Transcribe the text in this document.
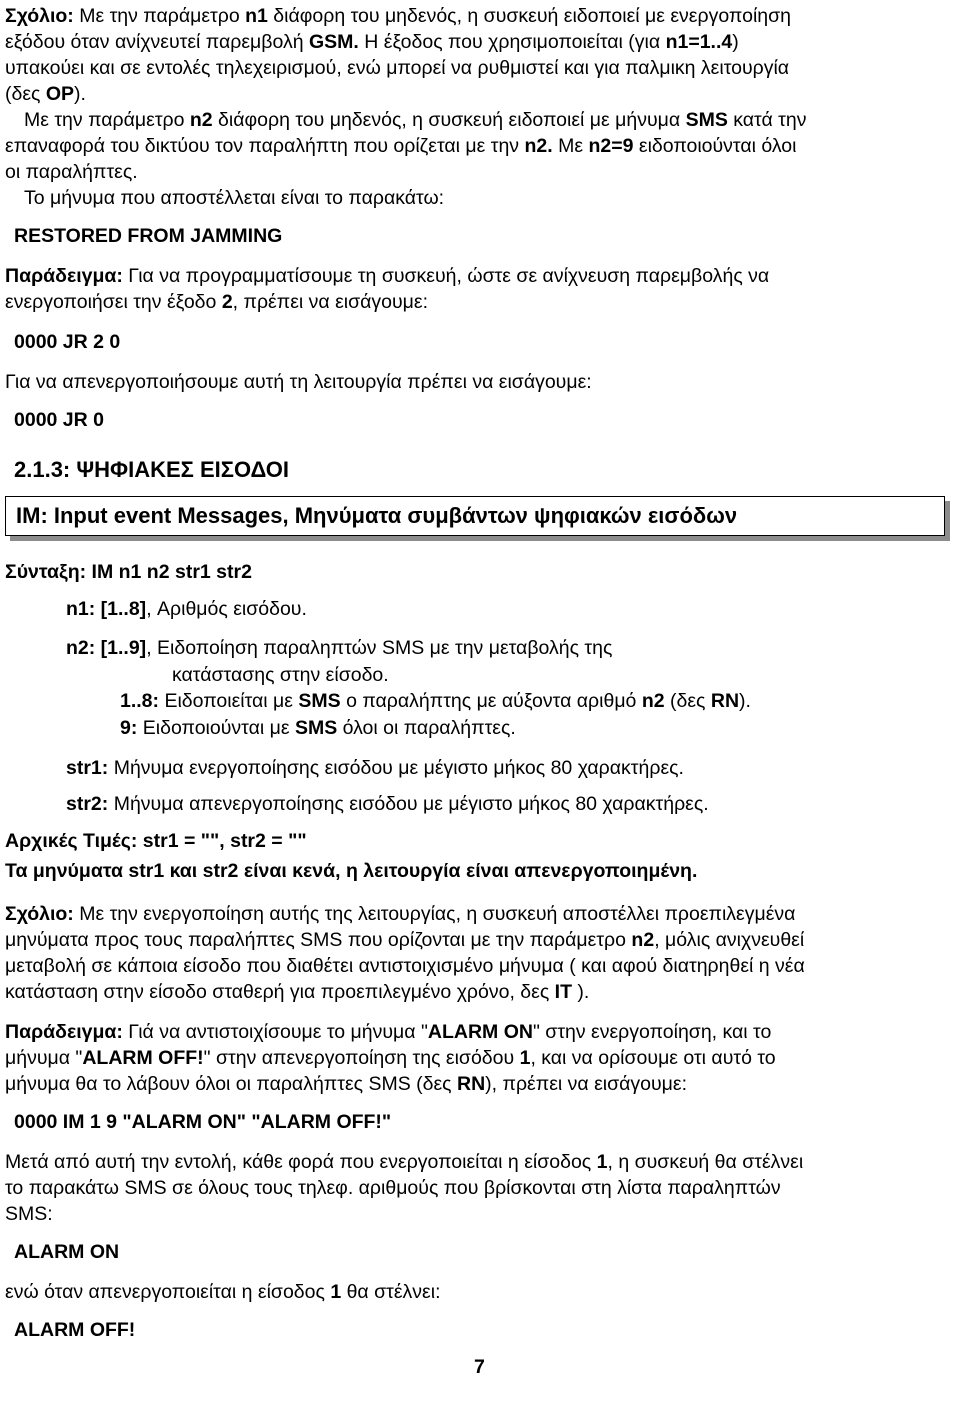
Σχόλιο: Με την παράμετρο n1 διάφορη του μηδενός, η συσκευή ειδοποιεί με ενεργοποίηση
εξόδου όταν ανίχνευτεί παρεμβολή GSM. Η έξοδος που χρησιμοποιείται (για n1=1..4)
υπακούει και σε εντολές τηλεχειρισμού, ενώ μπορεί να ρυθμιστεί και για παλμικη λειτουργία
(δες OP).
Με την παράμετρο n2 διάφορη του μηδενός, η συσκευή ειδοποιεί με μήνυμα SMS κατά την
επαναφορά του δικτύου τον παραλήπτη που ορίζεται με την n2. Με n2=9 ειδοποιούνται όλοι
οι παραλήπτες.
Το μήνυμα που αποστέλλεται είναι το παρακάτω:
RESTORED FROM JAMMING
Παράδειγμα: Για να προγραμματίσουμε τη συσκευή, ώστε σε ανίχνευση παρεμβολής να
ενεργοποιήσει την έξοδο 2, πρέπει να εισάγουμε:
0000 JR 2 0
Για να απενεργοποιήσουμε αυτή τη λειτουργία πρέπει να εισάγουμε:
0000 JR 0
2.1.3: ΨΗΦΙΑΚΕΣ ΕΙΣΟΔΟΙ
IM: Input event Messages, Μηνύματα συμβάντων ψηφιακών εισόδων
Σύνταξη: IM n1 n2 str1 str2
n1: [1..8], Αριθμός εισόδου.
n2: [1..9], Ειδοποίηση παραληπτών SMS με την μεταβολής της
κατάστασης στην είσοδο.
1..8: Ειδοποιείται με SMS ο παραλήπτης με αύξοντα αριθμό n2 (δες RN).
9: Ειδοποιούνται με SMS όλοι οι παραλήπτες.
str1: Μήνυμα ενεργοποίησης εισόδου με μέγιστο μήκος 80 χαρακτήρες.
str2: Μήνυμα απενεργοποίησης εισόδου με μέγιστο μήκος 80 χαρακτήρες.
Αρχικές Τιμές: str1 = "", str2 = ""
Τα μηνύματα str1 και str2 είναι κενά, η λειτουργία είναι απενεργοποιημένη.
Σχόλιο: Με την ενεργοποίηση αυτής της λειτουργίας, η συσκευή αποστέλλει προεπιλεγμένα
μηνύματα προς τους παραλήπτες SMS που ορίζονται με την παράμετρο n2, μόλις ανιχνευθεί
μεταβολή σε κάποια είσοδο που διαθέτει αντιστοιχισμένο μήνυμα ( και αφού διατηρηθεί η νέα
κατάσταση στην είσοδο σταθερή για προεπιλεγμένο χρόνο, δες IT ).
Παράδειγμα: Γιά να αντιστοιχίσουμε το μήνυμα "ALARM ON" στην ενεργοποίηση, και το
μήνυμα "ALARM OFF!" στην απενεργοποίηση της εισόδου 1, και να ορίσουμε οτι αυτό το
μήνυμα θα το λάβουν όλοι οι παραλήπτες SMS (δες RN), πρέπει να εισάγουμε:
0000 IM 1 9 "ALARM ON" "ALARM OFF!"
Μετά από αυτή την εντολή, κάθε φορά που ενεργοποιείται η είσοδος 1, η συσκευή θα στέλνει
το παρακάτω SMS σε όλους τους τηλεφ. αριθμούς που βρίσκονται στη λίστα παραληπτών
SMS:
ALARM ON
ενώ όταν απενεργοποιείται η είσοδος 1 θα στέλνει:
ALARM OFF!
7
